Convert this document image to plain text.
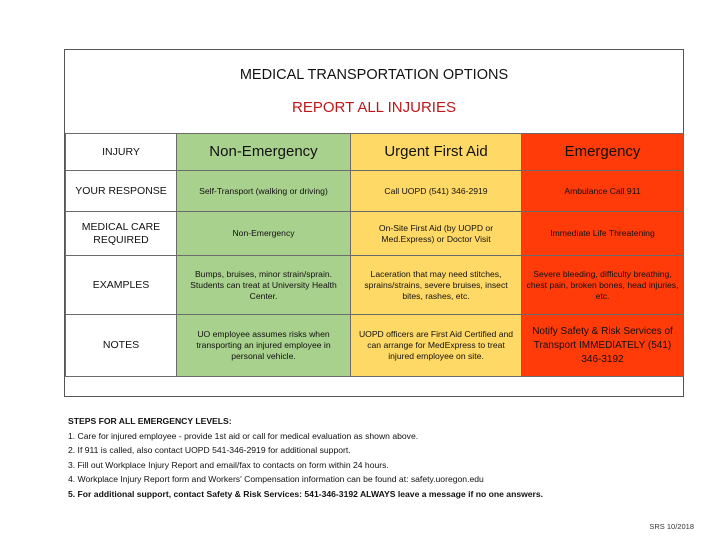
MEDICAL TRANSPORTATION OPTIONS
REPORT ALL INJURIES
INJURY	Non-Emergency	Urgent First Aid	Emergency
YOUR RESPONSE	Self-Transport (walking or driving)	Call UOPD (541) 346-2919	Ambulance Call 911
MEDICAL CARE REQUIRED	Non-Emergency	On-Site First Aid (by UOPD or Med.Express) or Doctor Visit	Immediate Life Threatening
EXAMPLES	Bumps, bruises, minor strain/sprain. Students can treat at University Health Center.	Laceration that may need stitches, sprains/strains, severe bruises, insect bites, rashes, etc.	Severe bleeding, difficulty breathing, chest pain, broken bones, head injuries, etc.
NOTES	UO employee assumes risks when transporting an injured employee in personal vehicle.	UOPD officers are First Aid Certified and can arrange for MedExpress to treat injured employee on site.	Notify Safety & Risk Services of Transport IMMEDIATELY (541) 346-3192
STEPS FOR ALL EMERGENCY LEVELS:
1. Care for injured employee - provide 1st aid or call for medical evaluation as shown above.
2. If 911 is called, also contact UOPD 541-346-2919 for additional support.
3. Fill out Workplace Injury Report and email/fax to contacts on form within 24 hours.
4. Workplace Injury Report form and Workers' Compensation information can be found at: safety.uoregon.edu
5. For additional support, contact Safety & Risk Services: 541-346-3192 ALWAYS leave a message if no one answers.
SRS 10/2018
